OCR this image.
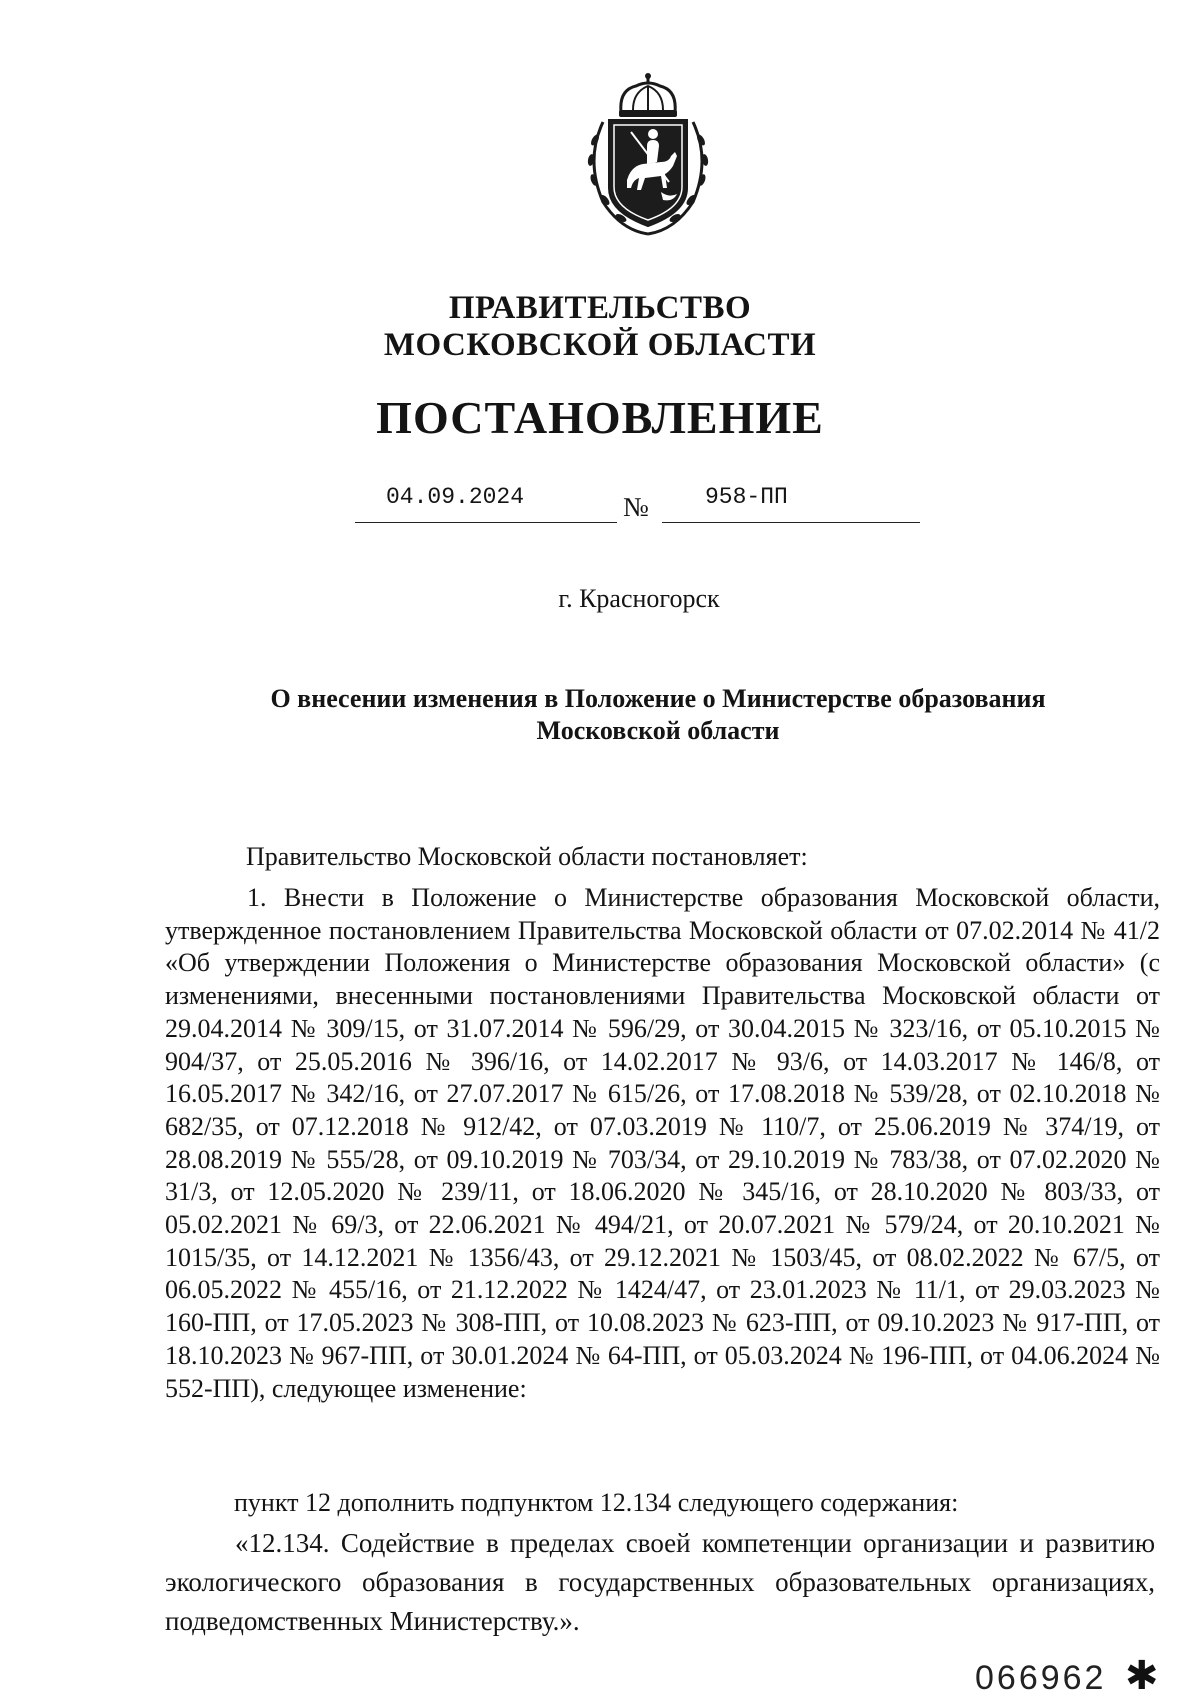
ПРАВИТЕЛЬСТВО
МОСКОВСКОЙ ОБЛАСТИ
ПОСТАНОВЛЕНИЕ
04.09.2024	№ 958-ПП
г. Красногорск
О внесении изменения в Положение о Министерстве образования Московской области
Правительство Московской области постановляет:
1. Внести в Положение о Министерстве образования Московской области, утвержденное постановлением Правительства Московской области от 07.02.2014 № 41/2 «Об утверждении Положения о Министерстве образования Московской области» (с изменениями, внесенными постановлениями Правительства Московской области от 29.04.2014 № 309/15, от 31.07.2014 № 596/29, от 30.04.2015 № 323/16, от 05.10.2015 № 904/37, от 25.05.2016 № 396/16, от 14.02.2017 № 93/6, от 14.03.2017 № 146/8, от 16.05.2017 № 342/16, от 27.07.2017 № 615/26, от 17.08.2018 № 539/28, от 02.10.2018 № 682/35, от 07.12.2018 № 912/42, от 07.03.2019 № 110/7, от 25.06.2019 № 374/19, от 28.08.2019 № 555/28, от 09.10.2019 № 703/34, от 29.10.2019 № 783/38, от 07.02.2020 № 31/3, от 12.05.2020 № 239/11, от 18.06.2020 № 345/16, от 28.10.2020 № 803/33, от 05.02.2021 № 69/3, от 22.06.2021 № 494/21, от 20.07.2021 № 579/24, от 20.10.2021 № 1015/35, от 14.12.2021 № 1356/43, от 29.12.2021 № 1503/45, от 08.02.2022 № 67/5, от 06.05.2022 № 455/16, от 21.12.2022 № 1424/47, от 23.01.2023 № 11/1, от 29.03.2023 № 160-ПП, от 17.05.2023 № 308-ПП, от 10.08.2023 № 623-ПП, от 09.10.2023 № 917-ПП, от 18.10.2023 № 967-ПП, от 30.01.2024 № 64-ПП, от 05.03.2024 № 196-ПП, от 04.06.2024 № 552-ПП), следующее изменение:
пункт 12 дополнить подпунктом 12.134 следующего содержания:
«12.134. Содействие в пределах своей компетенции организации и развитию экологического образования в государственных образовательных организациях, подведомственных Министерству.».
066962 ✱
